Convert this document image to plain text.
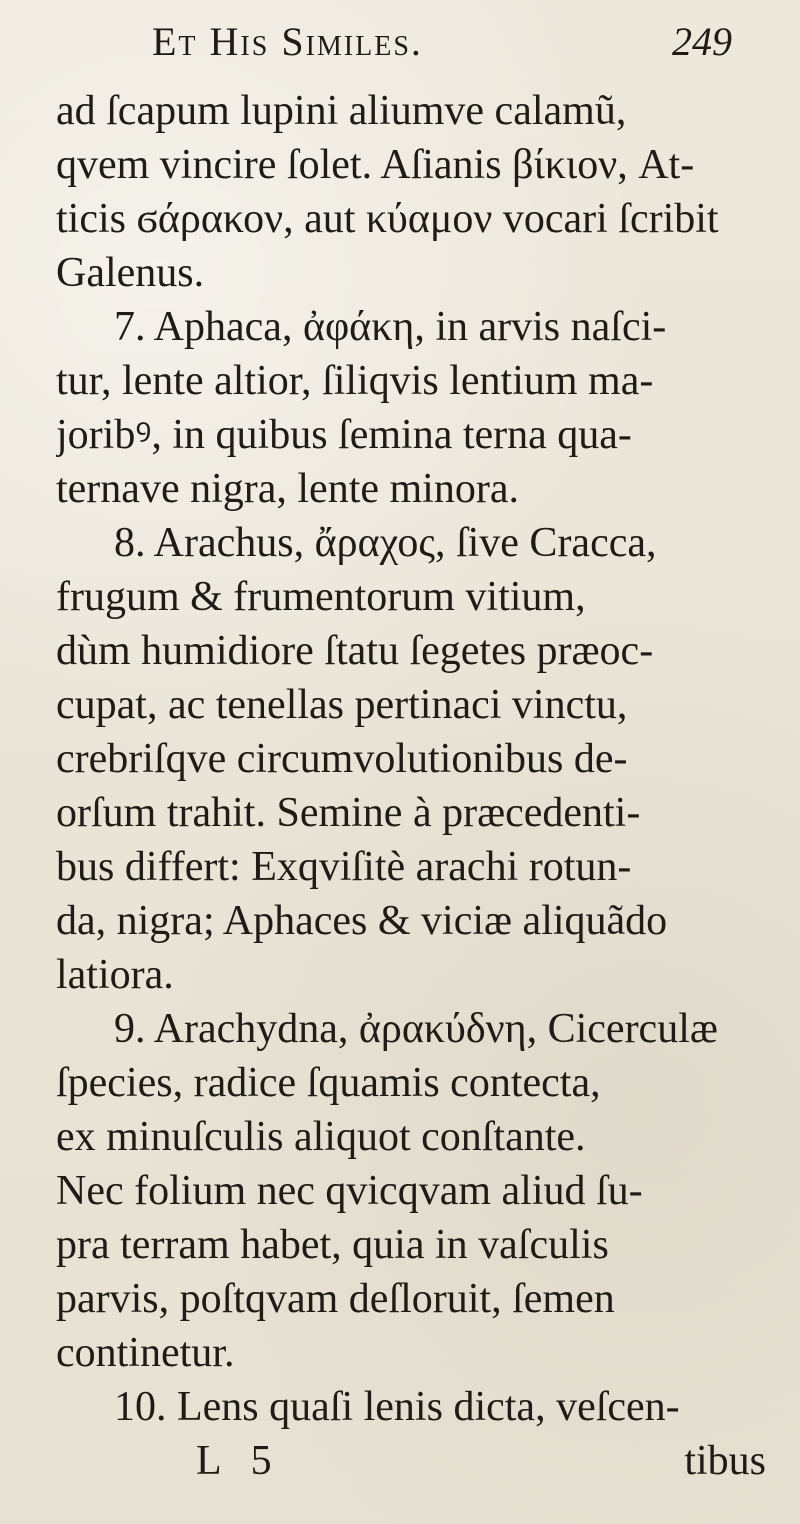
Et His Similes.	249
ad ſcapum lupini aliumve calamũ,
qvem vincire ſolet. Aſianis βίκιον, At-
ticis ϭάρακον, aut κύαμον vocari ſcribit
Galenus.
7. Aphaca, ἀφάκη, in arvis naſci-
tur, lente altior, ſiliqvis lentium ma-
joribꝰ, in quibus ſemina terna qua-
ternave nigra, lente minora.
8. Arachus, ἄραχος, ſive Cracca,
frugum & frumentorum vitium,
dùm humidiore ſtatu ſegetes præoc-
cupat, ac tenellas pertinaci vinctu,
crebriſqve circumvolutionibus de-
orſum trahit. Semine à præcedenti-
bus differt: Exqviſitè arachi rotun-
da, nigra; Aphaces & viciæ aliquãdo
latiora.
9. Arachydna, ἀρακύδνη, Cicerculæ
ſpecies, radice ſquamis contecta,
ex minuſculis aliquot conſtante.
Nec folium nec qvicqvam aliud ſu-
pra terram habet, quia in vaſculis
parvis, poſtqvam deſloruit, ſemen
continetur.
10. Lens quaſi lenis dicta, veſcen-
L 5	tibus
